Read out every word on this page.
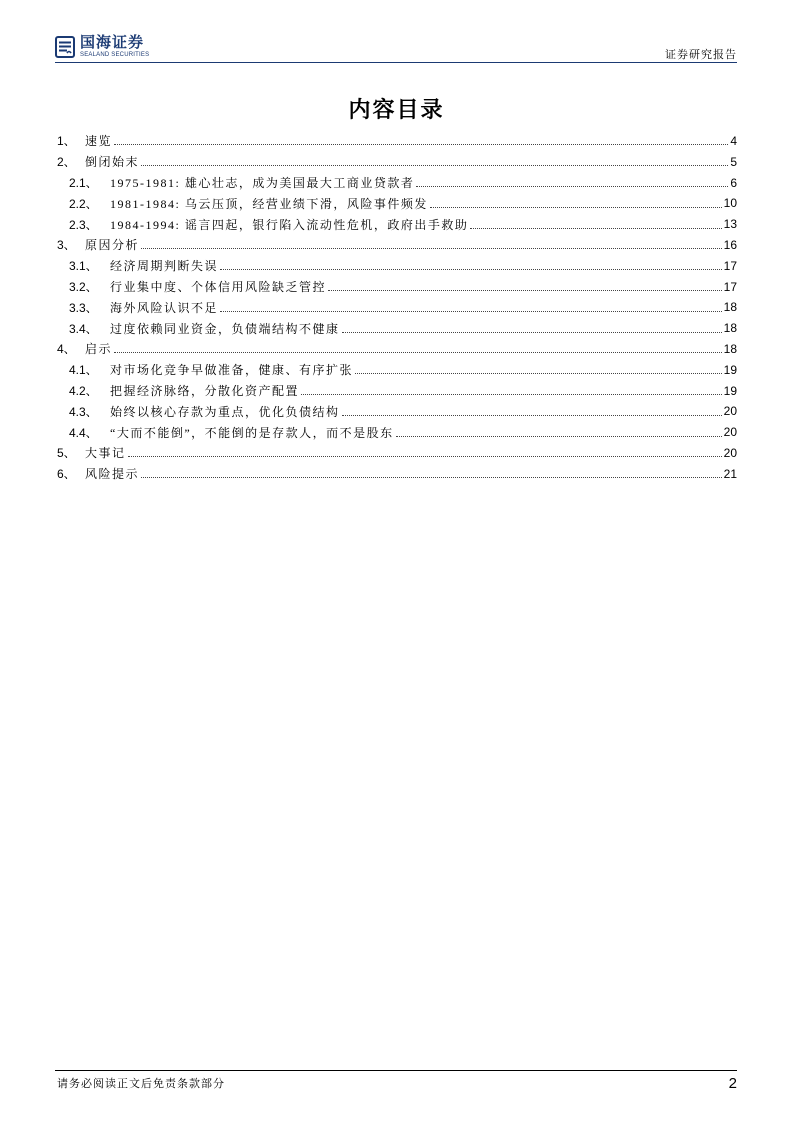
国海证券
SEALAND SECURITIES	证券研究报告
内容目录
1、 速览	4
2、 倒闭始末	5
2.1、	1975-1981: 雄心壮志，成为美国最大工商业贷款者	6
2.2、	1981-1984: 乌云压顶，经营业绩下滑，风险事件频发	10
2.3、	1984-1994: 谣言四起，银行陷入流动性危机，政府出手救助	13
3、 原因分析	16
3.1、	经济周期判断失误	17
3.2、	行业集中度、个体信用风险缺乏管控	17
3.3、	海外风险认识不足	18
3.4、	过度依赖同业资金，负债端结构不健康	18
4、 启示	18
4.1、	对市场化竞争早做准备，健康、有序扩张	19
4.2、	把握经济脉络，分散化资产配置	19
4.3、	始终以核心存款为重点，优化负债结构	20
4.4、	“大而不能倒”，不能倒的是存款人，而不是股东	20
5、 大事记	20
6、 风险提示	21
请务必阅读正文后免责条款部分	2
